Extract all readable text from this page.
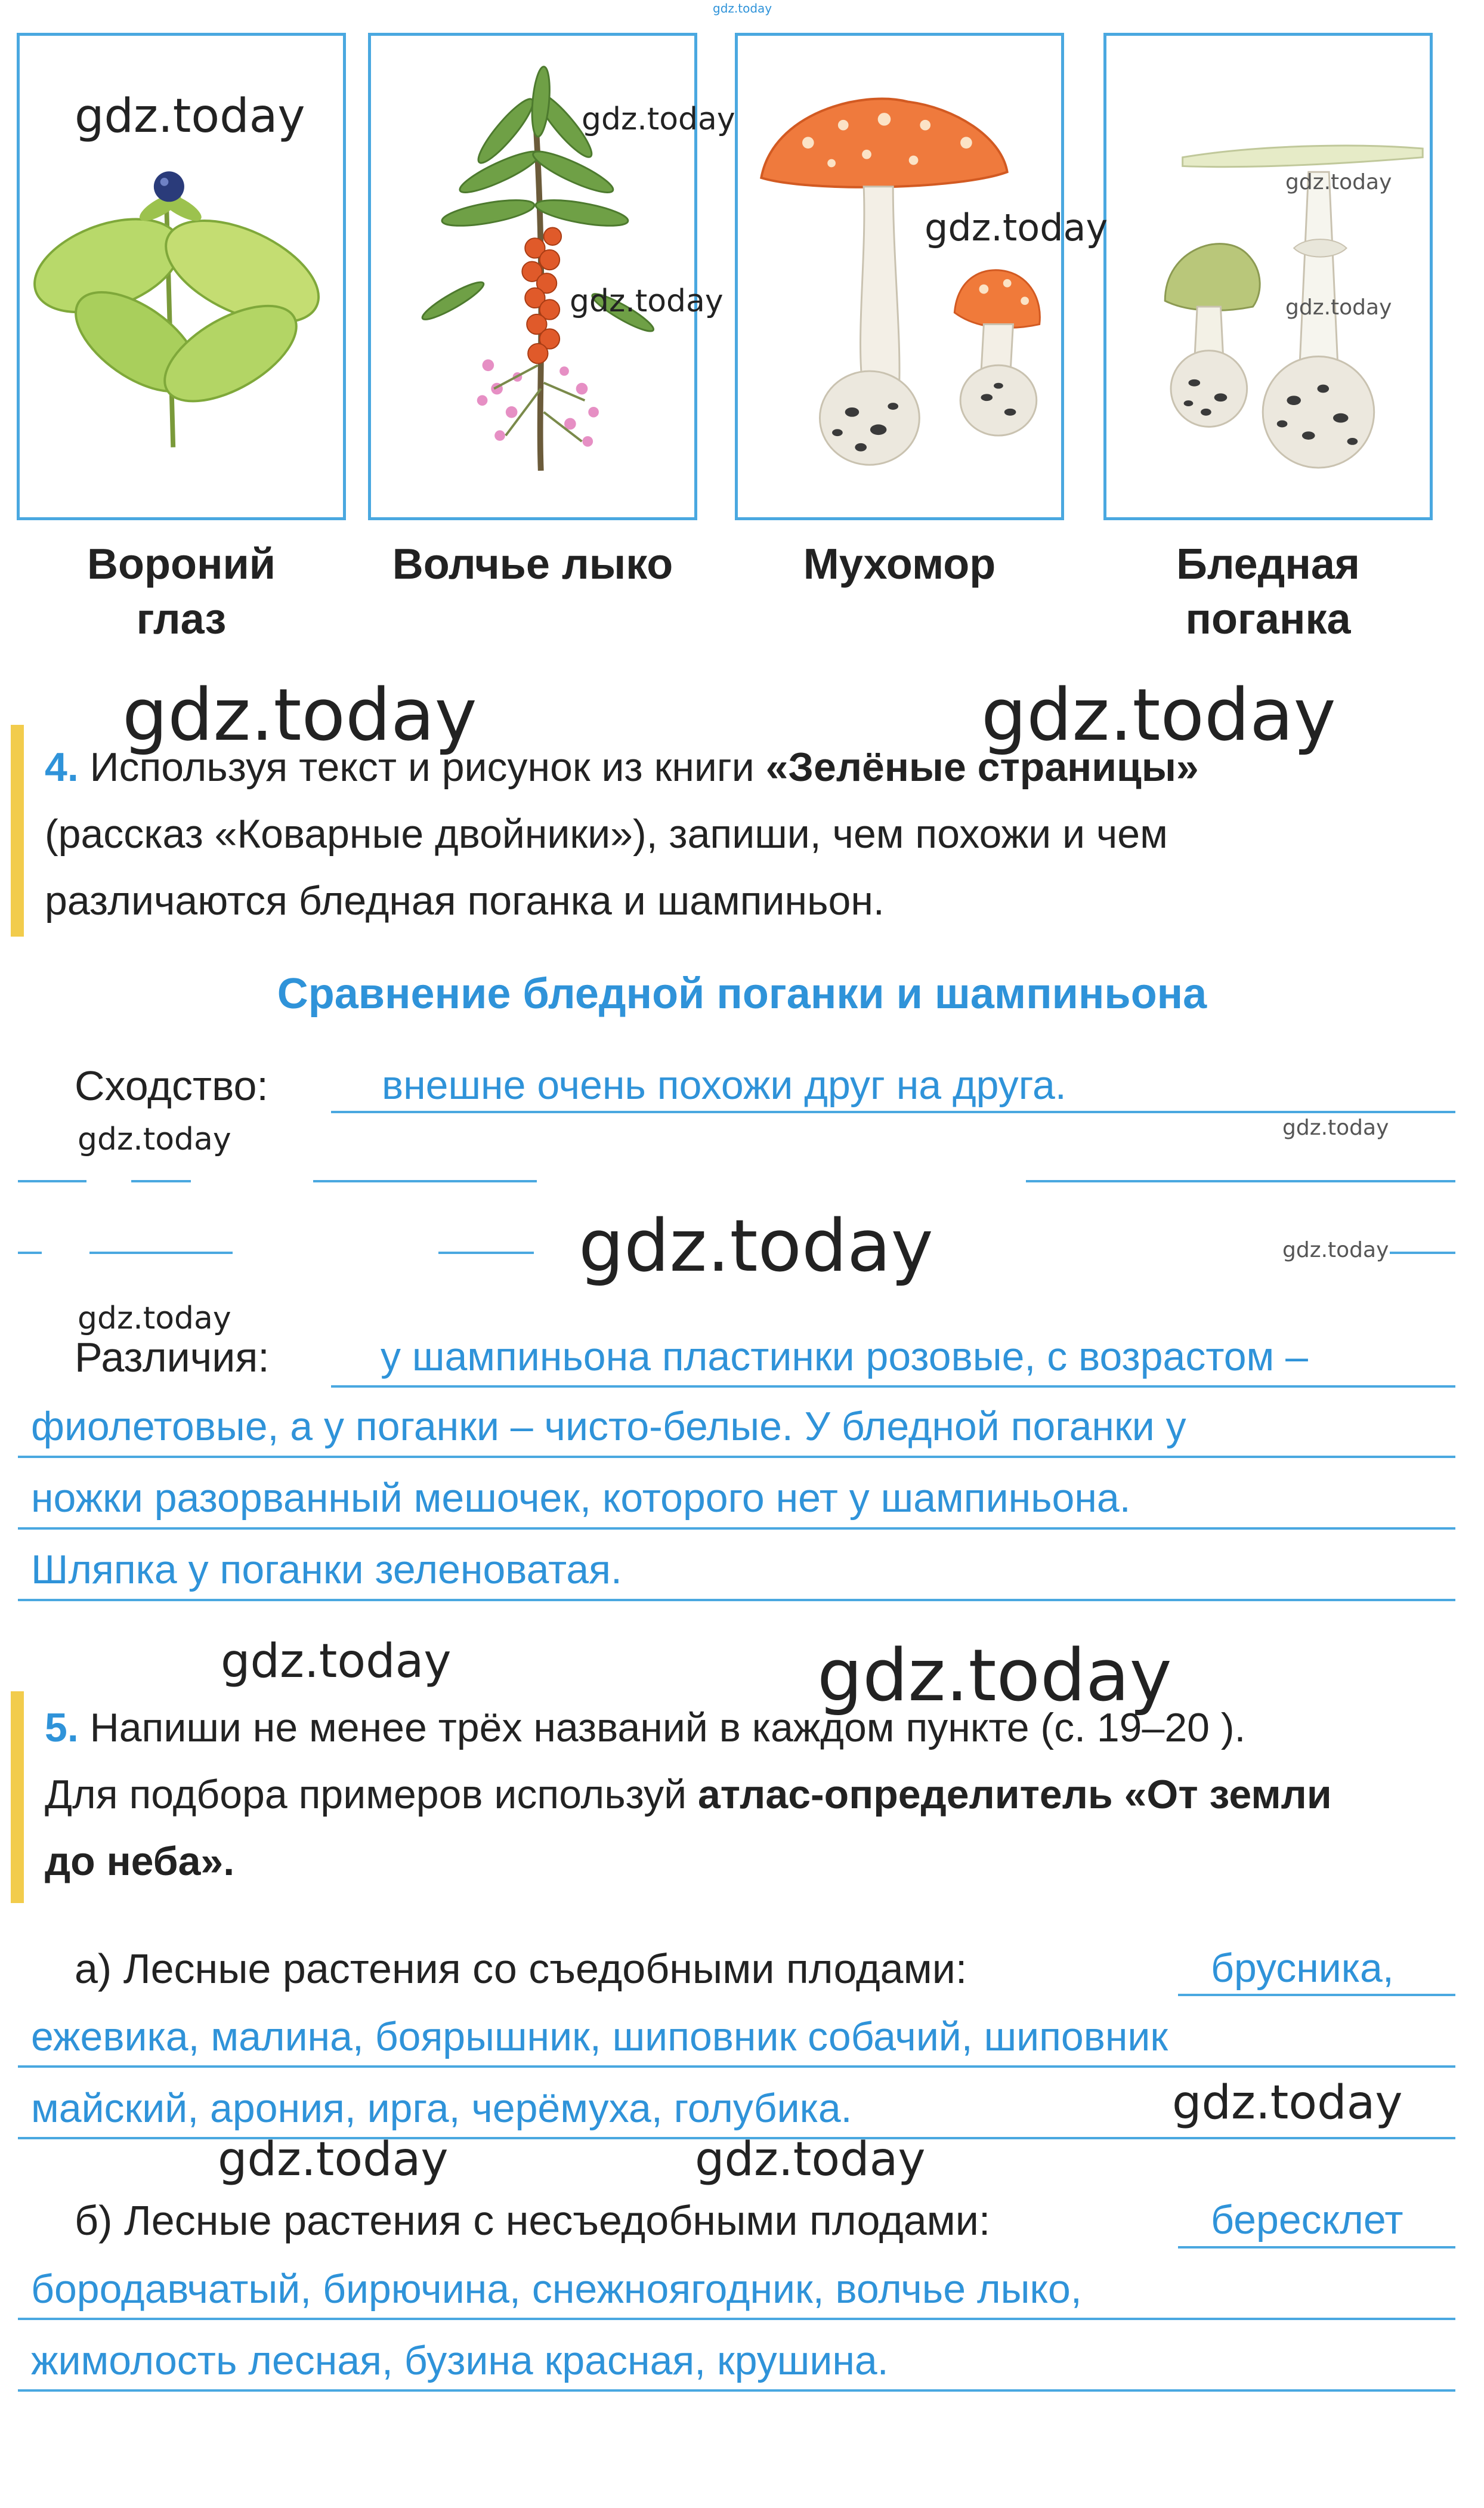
gdz.today
Вороний
глаз
Волчье лыко	Мухомор	Бледная
поганка
gdz.today	gdz.today
gdz.today
gdz.today
gdz.today
gdz.today
gdz.today	gdz.today
4. Используя текст и рисунок из книги «Зелёные страницы»
(рассказ «Коварные двойники»), запиши, чем похожи и чем
различаются бледная поганка и шампиньон.
Сравнение бледной поганки и шампиньона
Сходство:	внешне очень похожи друг на друга.
gdz.today	gdz.today
gdz.today	gdz.today
gdz.today
Различия:	у шампиньона пластинки розовые, с возрастом –
фиолетовые, а у поганки – чисто-белые. У бледной поганки у
ножки разорванный мешочек, которого нет у шампиньона.
Шляпка у поганки зеленоватая.
gdz.today	gdz.today
5. Напиши не менее трёх названий в каждом пункте (с. 19–20 ).
Для подбора примеров используй атлас-определитель «От земли
до неба».
а) Лесные растения со съедобными плодами:	брусника,
ежевика, малина, боярышник, шиповник собачий, шиповник
майский, арония, ирга, черёмуха, голубика.	gdz.today
gdz.today	gdz.today
б) Лесные растения с несъедобными плодами:	бересклет
бородавчатый, бирючина, снежноягодник, волчье лыко,
жимолость лесная, бузина красная, крушина.
